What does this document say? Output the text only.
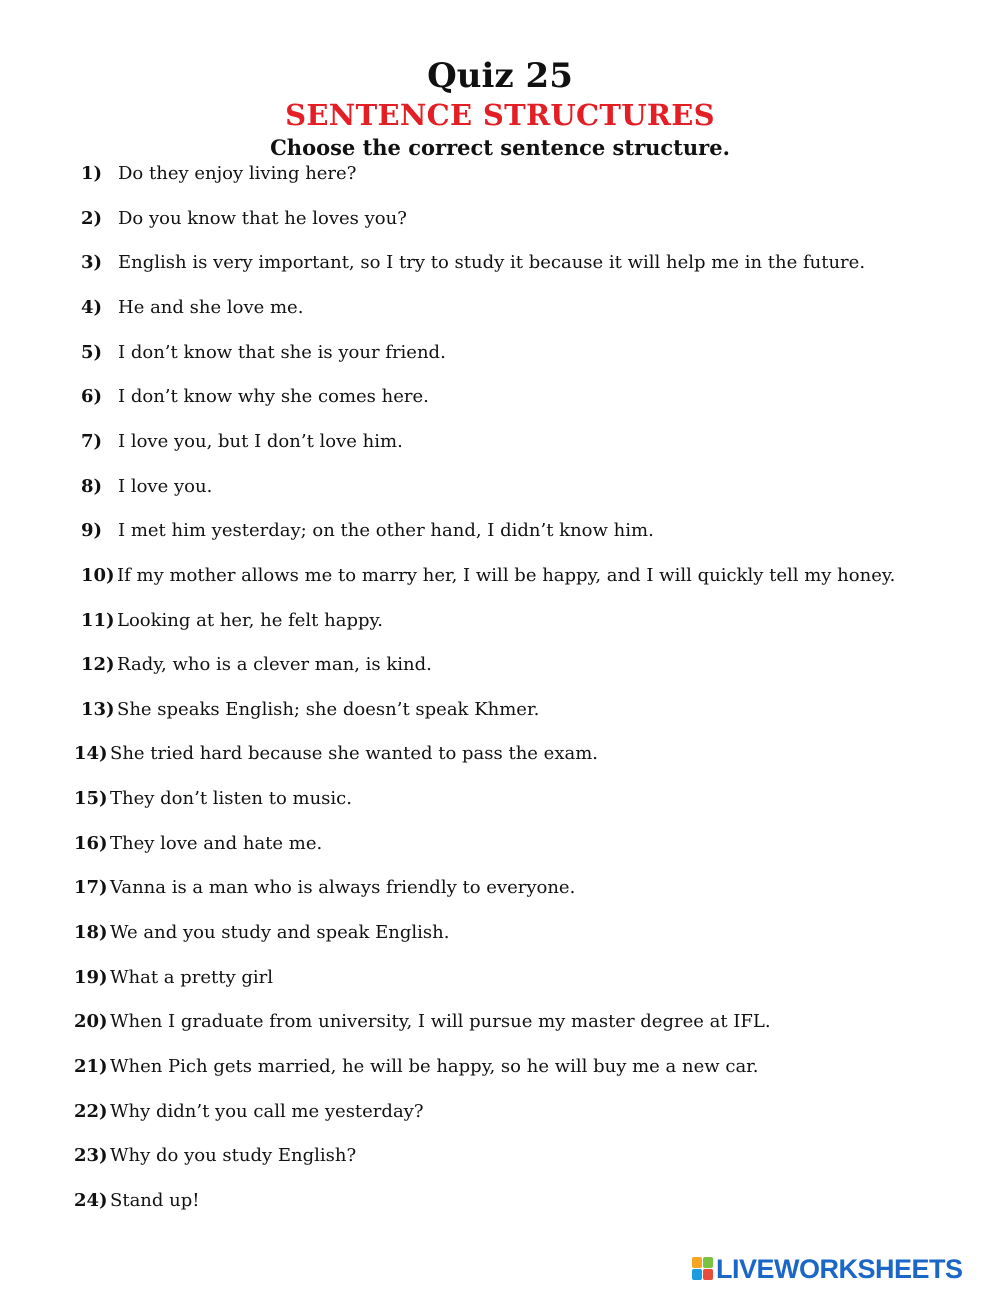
Quiz 25
SENTENCE STRUCTURES
Choose the correct sentence structure.
1) Do they enjoy living here?
2) Do you know that he loves you?
3) English is very important, so I try to study it because it will help me in the future.
4) He and she love me.
5) I don’t know that she is your friend.
6) I don’t know why she comes here.
7) I love you, but I don’t love him.
8) I love you.
9) I met him yesterday; on the other hand, I didn’t know him.
10) If my mother allows me to marry her, I will be happy, and I will quickly tell my honey.
11) Looking at her, he felt happy.
12) Rady, who is a clever man, is kind.
13) She speaks English; she doesn’t speak Khmer.
14) She tried hard because she wanted to pass the exam.
15) They don’t listen to music.
16) They love and hate me.
17) Vanna is a man who is always friendly to everyone.
18) We and you study and speak English.
19) What a pretty girl
20) When I graduate from university, I will pursue my master degree at IFL.
21) When Pich gets married, he will be happy, so he will buy me a new car.
22) Why didn’t you call me yesterday?
23) Why do you study English?
24) Stand up!
LIVEWORKSHEETS
